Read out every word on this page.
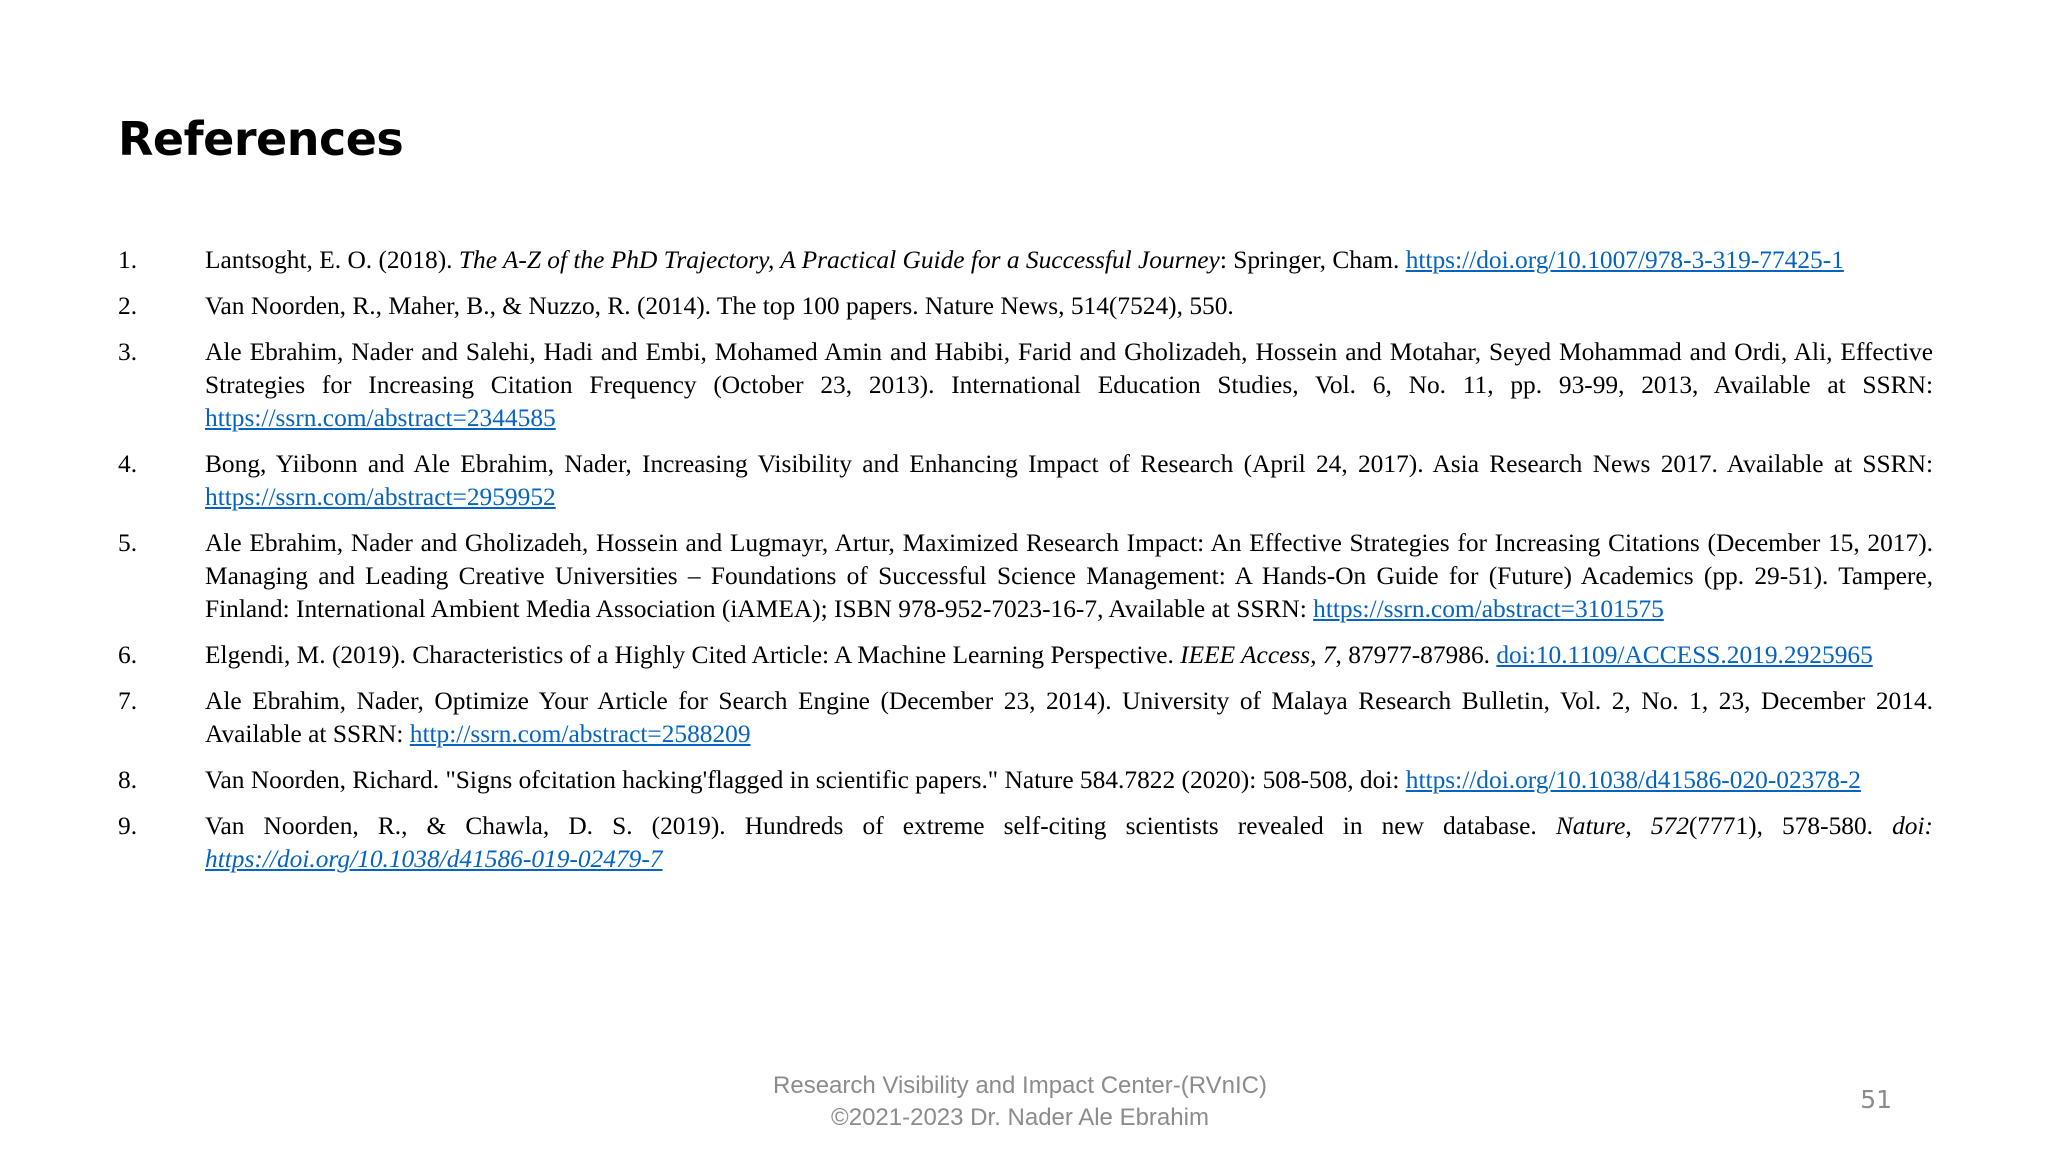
References
1.	Lantsoght, E. O. (2018). The A-Z of the PhD Trajectory, A Practical Guide for a Successful Journey: Springer, Cham. https://doi.org/10.1007/978-3-319-77425-1
2.	Van Noorden, R., Maher, B., & Nuzzo, R. (2014). The top 100 papers. Nature News, 514(7524), 550.
3.	Ale Ebrahim, Nader and Salehi, Hadi and Embi, Mohamed Amin and Habibi, Farid and Gholizadeh, Hossein and Motahar, Seyed Mohammad and Ordi, Ali, Effective Strategies for Increasing Citation Frequency (October 23, 2013). International Education Studies, Vol. 6, No. 11, pp. 93-99, 2013, Available at SSRN: https://ssrn.com/abstract=2344585
4.	Bong, Yiibonn and Ale Ebrahim, Nader, Increasing Visibility and Enhancing Impact of Research (April 24, 2017). Asia Research News 2017. Available at SSRN: https://ssrn.com/abstract=2959952
5.	Ale Ebrahim, Nader and Gholizadeh, Hossein and Lugmayr, Artur, Maximized Research Impact: An Effective Strategies for Increasing Citations (December 15, 2017). Managing and Leading Creative Universities – Foundations of Successful Science Management: A Hands-On Guide for (Future) Academics (pp. 29-51). Tampere, Finland: International Ambient Media Association (iAMEA); ISBN 978-952-7023-16-7, Available at SSRN: https://ssrn.com/abstract=3101575
6.	Elgendi, M. (2019). Characteristics of a Highly Cited Article: A Machine Learning Perspective. IEEE Access, 7, 87977-87986. doi:10.1109/ACCESS.2019.2925965
7.	Ale Ebrahim, Nader, Optimize Your Article for Search Engine (December 23, 2014). University of Malaya Research Bulletin, Vol. 2, No. 1, 23, December 2014. Available at SSRN: http://ssrn.com/abstract=2588209
8.	Van Noorden, Richard. "Signs ofcitation hacking'flagged in scientific papers." Nature 584.7822 (2020): 508-508, doi: https://doi.org/10.1038/d41586-020-02378-2
9.	Van Noorden, R., & Chawla, D. S. (2019). Hundreds of extreme self-citing scientists revealed in new database. Nature, 572(7771), 578-580. doi: https://doi.org/10.1038/d41586-019-02479-7
Research Visibility and Impact Center-(RVnIC)
©2021-2023 Dr. Nader Ale Ebrahim
51
